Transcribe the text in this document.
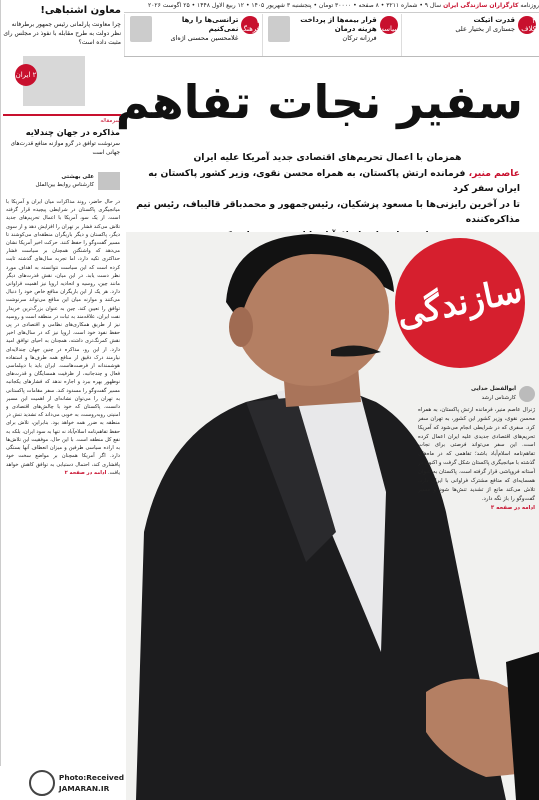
روزنامه کارگزاران سازندگی ایران سال ۹ • شماره ۳۲۱۱ • ۸ صفحه • ۳۰۰۰۰ تومان • پنجشنبه ۳ شهریور ۱۴۰۵ • ۱۲ ربیع الاول ۱۴۴۸ • ۲۵ اگوست ۲۰۲۶
۲ کلاف
قدرت اتیکت
جستاری از بختیار علی
۷ سیاست
قرار بیمه‌ها از پرداخت هزینه درمان
فرزانه ترکان
۷ فرهنگ
ترانسی‌ها را رها نمی‌کنیم
غلامحسین محسنی اژه‌ای
سفیر نجات تفاهم
همزمان با اعمال تحریم‌های اقتصادی جدید آمریکا علیه ایران
عاصم منیر، فرمانده ارتش پاکستان، به همراه محسن نقوی، وزیر کشور پاکستان به ایران سفر کرد
تا در آخرین رایزنی‌ها با مسعود پزشکیان، رئیس‌جمهور و محمدباقر قالیباف، رئیس تیم مذاکره‌کننده

سازندگی
ابوالفضل خدایی
کارشناس ارشد
ژنرال عاصم منیر، فرمانده ارتش پاکستان، به همراه محسن نقوی، وزیر کشور این کشور، به تهران سفر کرد. سفری که در شرایطی انجام می‌شود که آمریکا تحریم‌های اقتصادی جدیدی علیه ایران اعمال کرده است. این سفر می‌تواند فرصتی برای نجات تفاهم‌نامه اسلام‌آباد باشد؛ تفاهمی که در ماه‌های گذشته با میانجیگری پاکستان شکل گرفت و اکنون در آستانه فروپاشی قرار گرفته است. پاکستان به عنوان همسایه‌ای که منافع مشترک فراوانی با ایران دارد، تلاش می‌کند مانع از تشدید تنش‌ها شود و مسیر گفت‌وگو را باز نگه دارد.
ادامه در صفحه ۳
معاون اشتباهی!
چرا معاونت پارلمانی رئیس جمهور برطرفانه نظر دولت به طرح مقابله با نفوذ در مجلس رای مثبت داده است؟
۲ ایران
سرمقاله
مذاکره در جهان چندلایه
سرنوشت توافق در گرو موازنه منافع قدرت‌های جهانی است
علی بهشتی
کارشناس روابط بین‌الملل
در حال حاضر، روند مذاکرات میان ایران و آمریکا با میانجیگری پاکستان در شرایطی پیچیده قرار گرفته است. از یک سو، آمریکا با اعمال تحریم‌های جدید تلاش می‌کند فشار بر تهران را افزایش دهد و از سوی دیگر، پاکستان و دیگر بازیگران منطقه‌ای می‌کوشند تا مسیر گفت‌وگو را حفظ کنند. حرکت اخیر آمریکا نشان می‌دهد که واشنگتن همچنان بر سیاست فشار حداکثری تکیه دارد، اما تجربه سال‌های گذشته ثابت کرده است که این سیاست نتوانسته به اهداف مورد نظر دست یابد. در این میان، نقش قدرت‌های دیگر مانند چین، روسیه و اتحادیه اروپا نیز اهمیت فراوانی دارد. هر یک از این بازیگران منافع خاص خود را دنبال می‌کنند و موازنه میان این منافع می‌تواند سرنوشت توافق را تعیین کند. چین به عنوان بزرگ‌ترین خریدار نفت ایران، علاقه‌مند به ثبات در منطقه است و روسیه نیز از طریق همکاری‌های نظامی و اقتصادی در پی حفظ نفوذ خود است. اروپا نیز که در سال‌های اخیر نقش کمرنگ‌تری داشته، همچنان به احیای توافق امید دارد. از این رو، مذاکره در چنین جهان چندلایه‌ای نیازمند درک دقیق از منافع همه طرف‌ها و استفاده هوشمندانه از فرصت‌هاست. ایران باید با دیپلماسی فعال و چندجانبه، از ظرفیت همسایگان و قدرت‌های نوظهور بهره ببرد و اجازه ندهد که فشارهای یکجانبه مسیر گفت‌وگو را مسدود کند. سفر مقامات پاکستانی به تهران را می‌توان نشانه‌ای از اهمیت این مسیر دانست. پاکستان که خود با چالش‌های اقتصادی و امنیتی روبه‌روست، به خوبی می‌داند که تشدید تنش در منطقه به ضرر همه خواهد بود. بنابراین، تلاش برای حفظ تفاهم‌نامه اسلام‌آباد نه تنها به سود ایران، بلکه به نفع کل منطقه است. با این حال، موفقیت این تلاش‌ها به اراده سیاسی طرفین و میزان انعطاف آنها بستگی دارد. اگر آمریکا همچنان بر مواضع سخت خود پافشاری کند، احتمال دستیابی به توافق کاهش خواهد یافت. ادامه در صفحه ۲
Photo:Received
JAMARAN.IR
